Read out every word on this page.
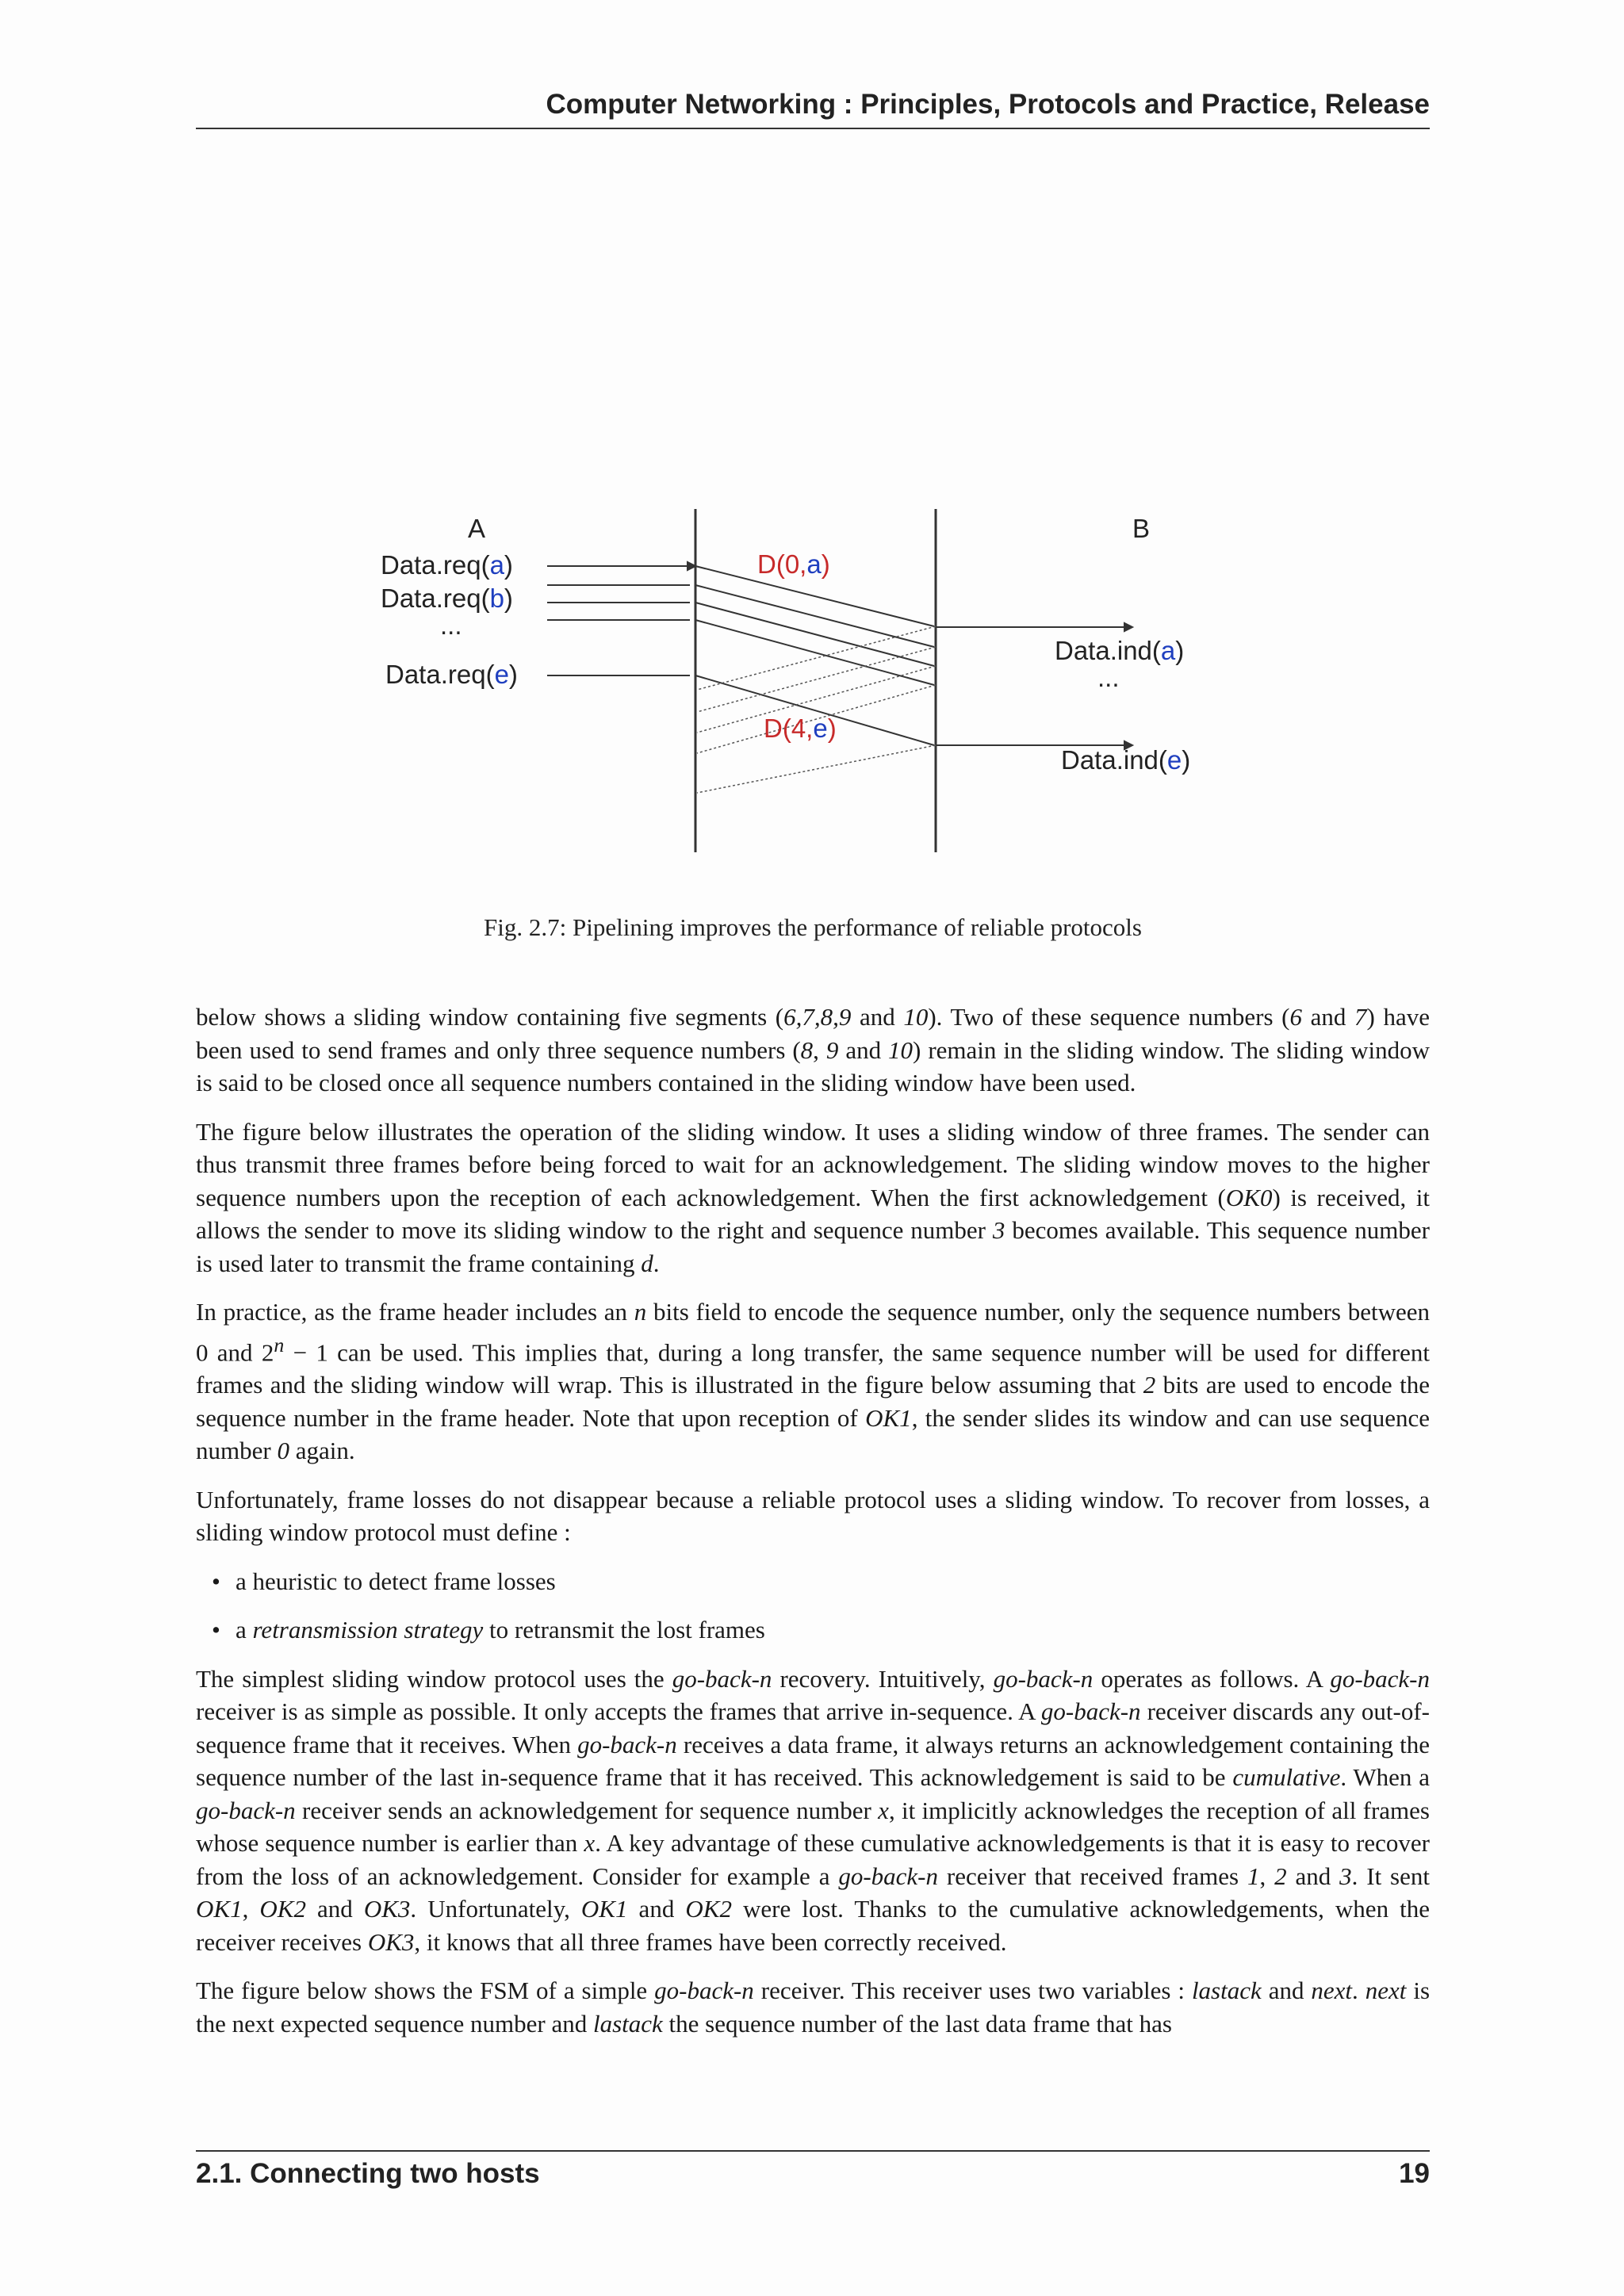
Computer Networking : Principles, Protocols and Practice, Release
A	B
Data.req(a)
Data.req(b)
...
Data.req(e)
D(0,a)
D(4,e)
Data.ind(a)
...
Data.ind(e)
Fig. 2.7: Pipelining improves the performance of reliable protocols

below shows a sliding window containing five segments (6,7,8,9 and 10). Two of these sequence numbers (6 and 7) have been used to send frames and only three sequence numbers (8, 9 and 10) remain in the sliding window. The sliding window is said to be closed once all sequence numbers contained in the sliding window have been used.

The figure below illustrates the operation of the sliding window. It uses a sliding window of three frames. The sender can thus transmit three frames before being forced to wait for an acknowledgement. The sliding window moves to the higher sequence numbers upon the reception of each acknowledgement. When the first acknowledgement (OK0) is received, it allows the sender to move its sliding window to the right and sequence number 3 becomes available. This sequence number is used later to transmit the frame containing d.

In practice, as the frame header includes an n bits field to encode the sequence number, only the sequence numbers between 0 and $2^n - 1$ can be used. This implies that, during a long transfer, the same sequence number will be used for different frames and the sliding window will wrap. This is illustrated in the figure below assuming that 2 bits are used to encode the sequence number in the frame header. Note that upon reception of OK1, the sender slides its window and can use sequence number 0 again.

Unfortunately, frame losses do not disappear because a reliable protocol uses a sliding window. To recover from losses, a sliding window protocol must define :

• a heuristic to detect frame losses
• a retransmission strategy to retransmit the lost frames

The simplest sliding window protocol uses the go-back-n recovery. Intuitively, go-back-n operates as follows. A go-back-n receiver is as simple as possible. It only accepts the frames that arrive in-sequence. A go-back-n receiver discards any out-of-sequence frame that it receives. When go-back-n receives a data frame, it always returns an acknowledgement containing the sequence number of the last in-sequence frame that it has received. This acknowledgement is said to be cumulative. When a go-back-n receiver sends an acknowledgement for sequence number x, it implicitly acknowledges the reception of all frames whose sequence number is earlier than x. A key advantage of these cumulative acknowledgements is that it is easy to recover from the loss of an acknowledgement. Consider for example a go-back-n receiver that received frames 1, 2 and 3. It sent OK1, OK2 and OK3. Unfortunately, OK1 and OK2 were lost. Thanks to the cumulative acknowledgements, when the receiver receives OK3, it knows that all three frames have been correctly received.

The figure below shows the FSM of a simple go-back-n receiver. This receiver uses two variables : lastack and next. next is the next expected sequence number and lastack the sequence number of the last data frame that has

2.1. Connecting two hosts	19
